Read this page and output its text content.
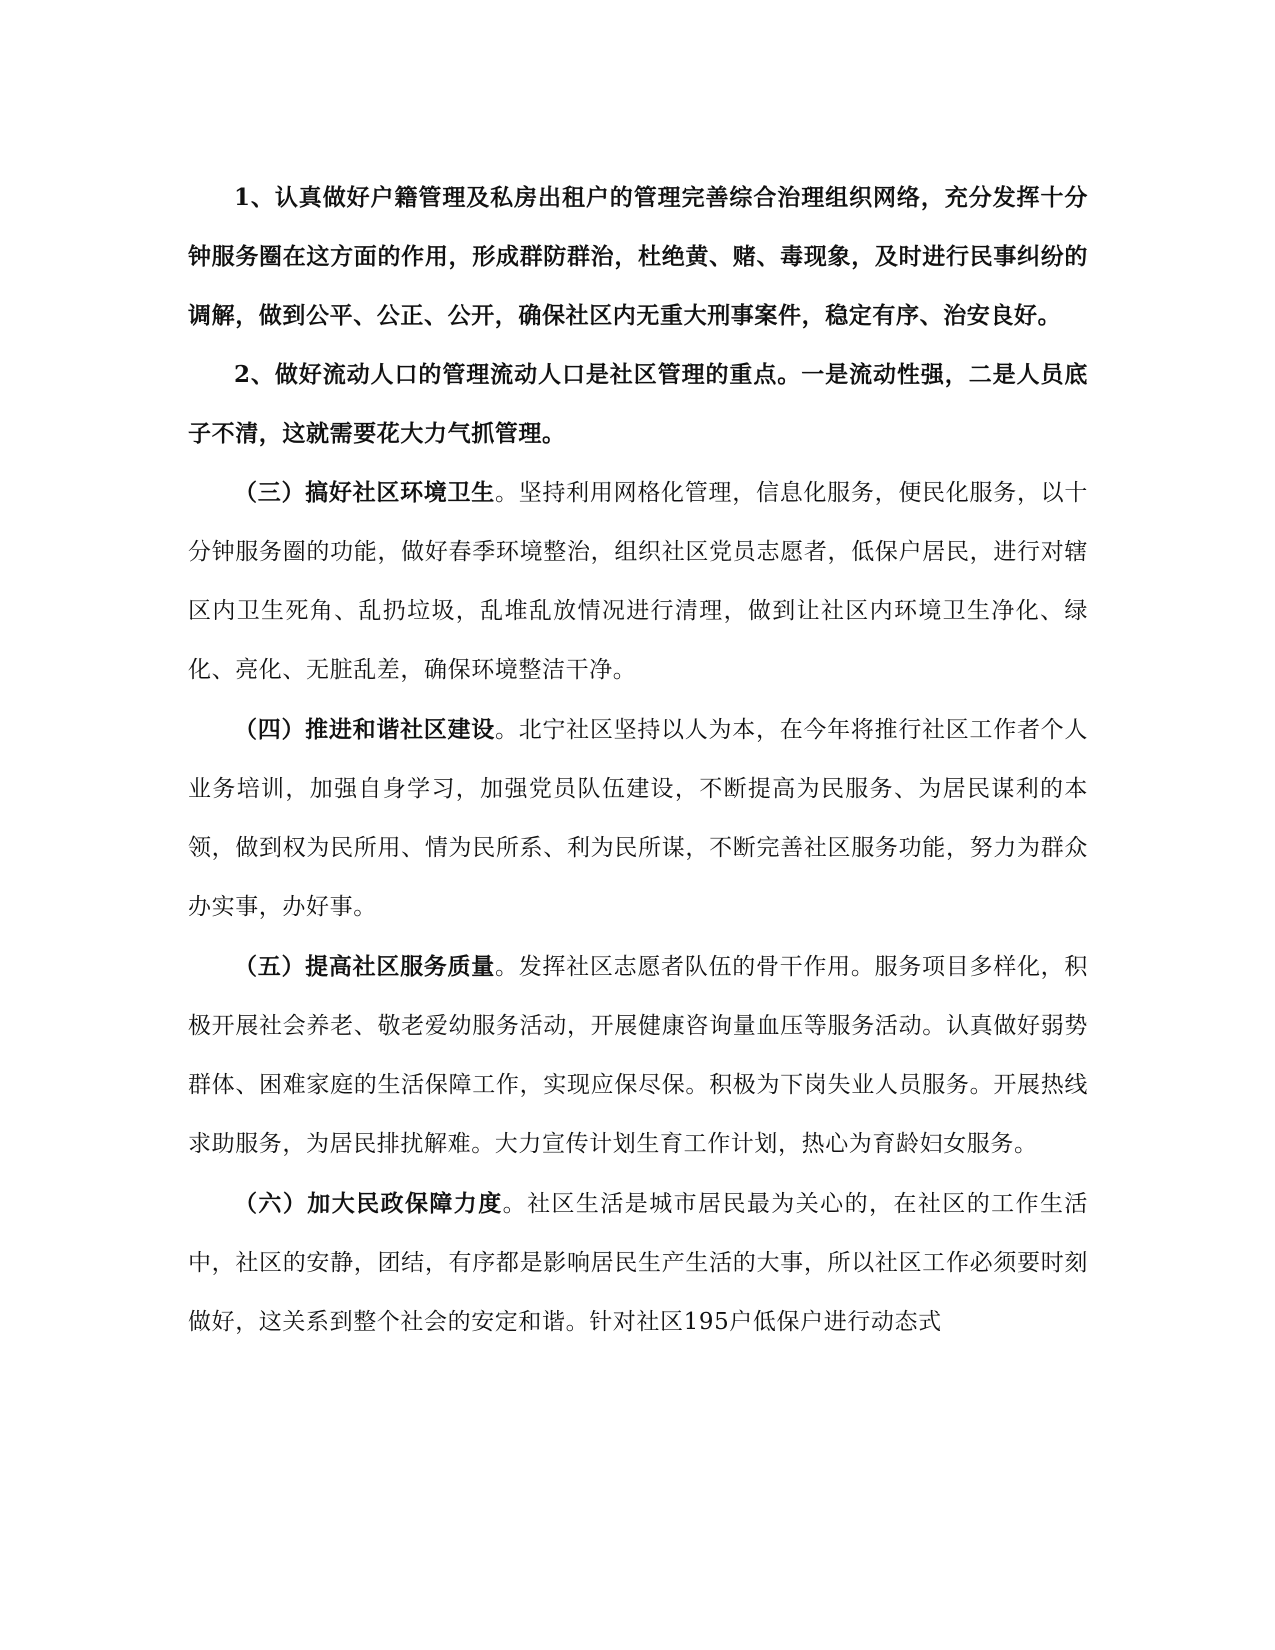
1、认真做好户籍管理及私房出租户的管理完善综合治理组织网络，充分发挥十分钟服务圈在这方面的作用，形成群防群治，杜绝黄、赌、毒现象，及时进行民事纠纷的调解，做到公平、公正、公开，确保社区内无重大刑事案件，稳定有序、治安良好。

2、做好流动人口的管理流动人口是社区管理的重点。一是流动性强，二是人员底子不清，这就需要花大力气抓管理。

（三）搞好社区环境卫生。坚持利用网格化管理，信息化服务，便民化服务，以十分钟服务圈的功能，做好春季环境整治，组织社区党员志愿者，低保户居民，进行对辖区内卫生死角、乱扔垃圾，乱堆乱放情况进行清理，做到让社区内环境卫生净化、绿化、亮化、无脏乱差，确保环境整洁干净。

（四）推进和谐社区建设。北宁社区坚持以人为本，在今年将推行社区工作者个人业务培训，加强自身学习，加强党员队伍建设，不断提高为民服务、为居民谋利的本领，做到权为民所用、情为民所系、利为民所谋，不断完善社区服务功能，努力为群众办实事，办好事。

（五）提高社区服务质量。发挥社区志愿者队伍的骨干作用。服务项目多样化，积极开展社会养老、敬老爱幼服务活动，开展健康咨询量血压等服务活动。认真做好弱势群体、困难家庭的生活保障工作，实现应保尽保。积极为下岗失业人员服务。开展热线求助服务，为居民排扰解难。大力宣传计划生育工作计划，热心为育龄妇女服务。

（六）加大民政保障力度。社区生活是城市居民最为关心的，在社区的工作生活中，社区的安静，团结，有序都是影响居民生产生活的大事，所以社区工作必须要时刻做好，这关系到整个社会的安定和谐。针对社区195户低保户进行动态式
